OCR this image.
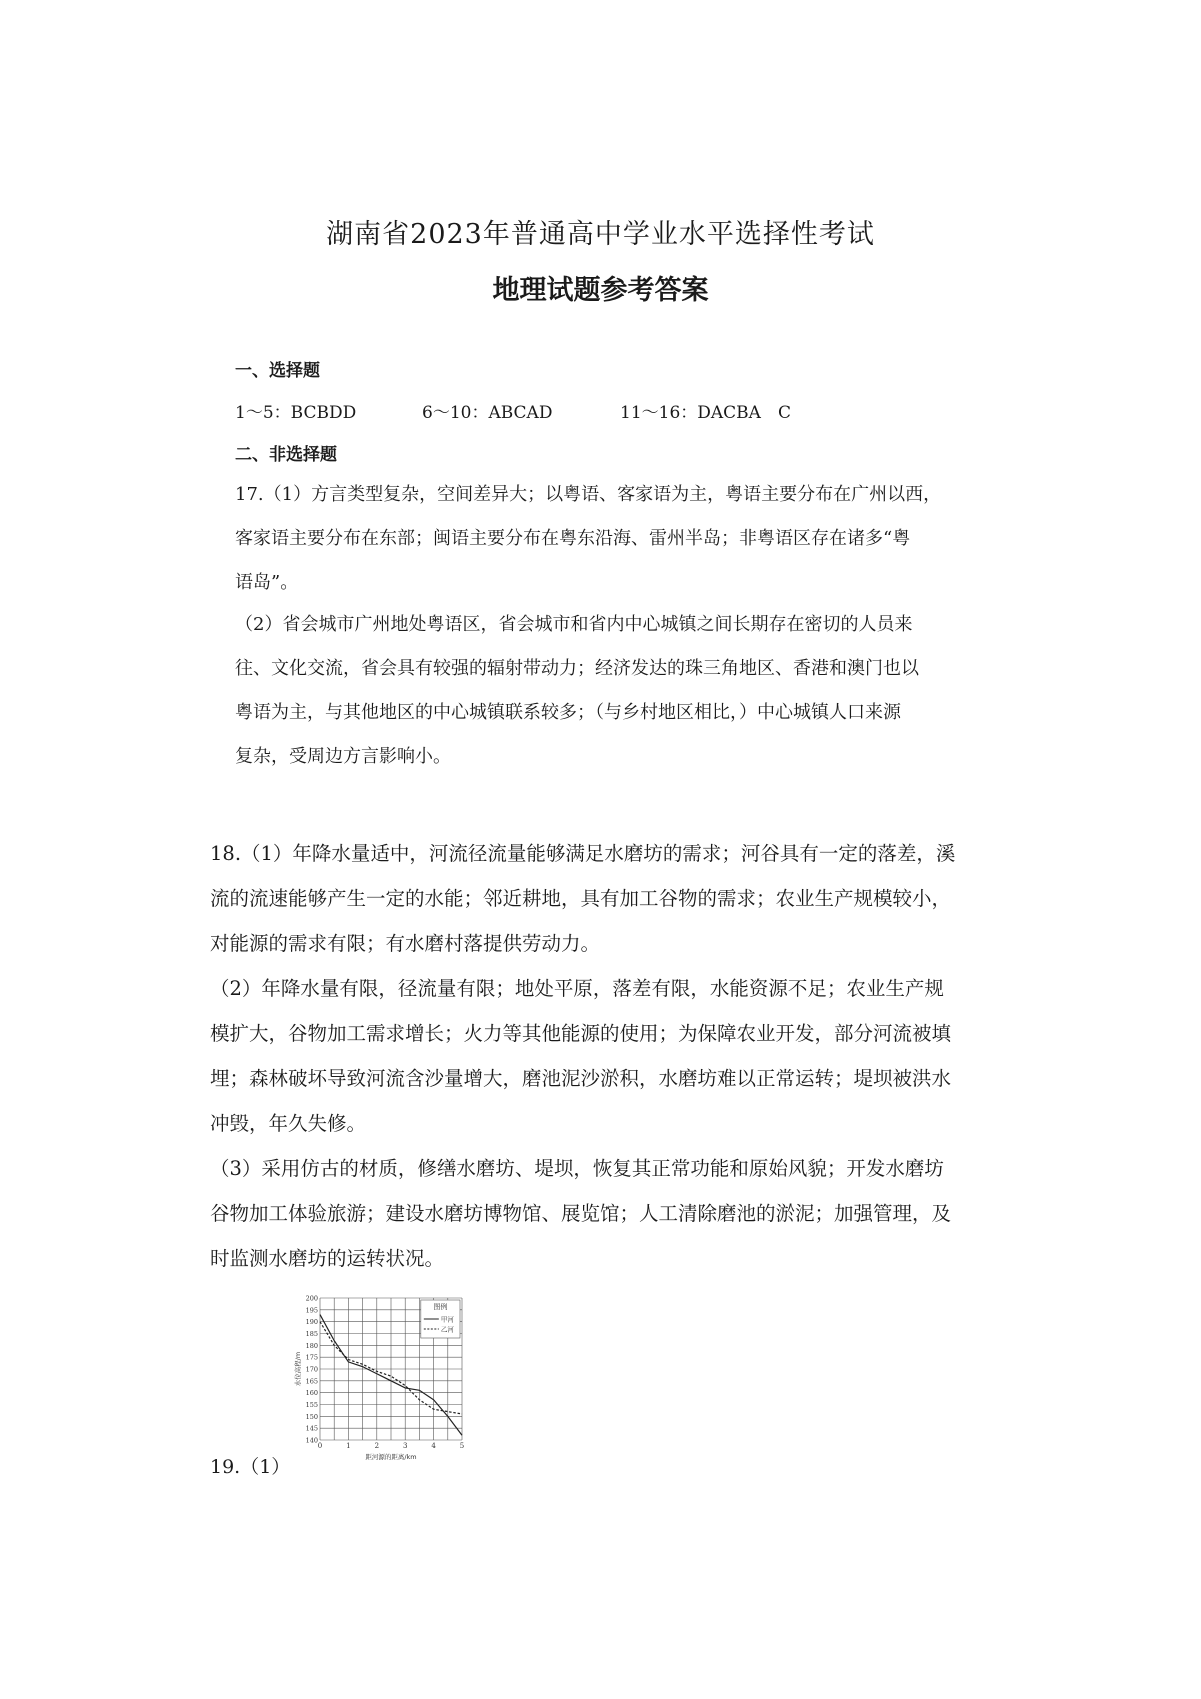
湖南省2023年普通高中学业水平选择性考试
地理试题参考答案
一、选择题
1～5：BCBDD	6～10：ABCAD	11～16：DACBA　C
二、非选择题

17.（1）方言类型复杂，空间差异大；以粤语、客家语为主，粤语主要分布在广州以西，

客家语主要分布在东部；闽语主要分布在粤东沿海、雷州半岛；非粤语区存在诸多“粤

语岛”。

（2）省会城市广州地处粤语区，省会城市和省内中心城镇之间长期存在密切的人员来

往、文化交流，省会具有较强的辐射带动力；经济发达的珠三角地区、香港和澳门也以

粤语为主，与其他地区的中心城镇联系较多；（与乡村地区相比，）中心城镇人口来源

复杂，受周边方言影响小。

18.（1）年降水量适中，河流径流量能够满足水磨坊的需求；河谷具有一定的落差，溪

流的流速能够产生一定的水能；邻近耕地，具有加工谷物的需求；农业生产规模较小，

对能源的需求有限；有水磨村落提供劳动力。

（2）年降水量有限，径流量有限；地处平原，落差有限，水能资源不足；农业生产规

模扩大，谷物加工需求增长；火力等其他能源的使用；为保障农业开发，部分河流被填

埋；森林破坏导致河流含沙量增大，磨池泥沙淤积，水磨坊难以正常运转；堤坝被洪水

冲毁，年久失修。

（3）采用仿古的材质，修缮水磨坊、堤坝，恢复其正常功能和原始风貌；开发水磨坊

谷物加工体验旅游；建设水磨坊博物馆、展览馆；人工清除磨池的淤泥；加强管理，及

时监测水磨坊的运转状况。

140
145
150
155
160
165
170
175
180
185
190
195
200
0	1	2	3	4	5
距河源的距离/km
水位高程/m
图例
甲河
乙河
19.（1）
